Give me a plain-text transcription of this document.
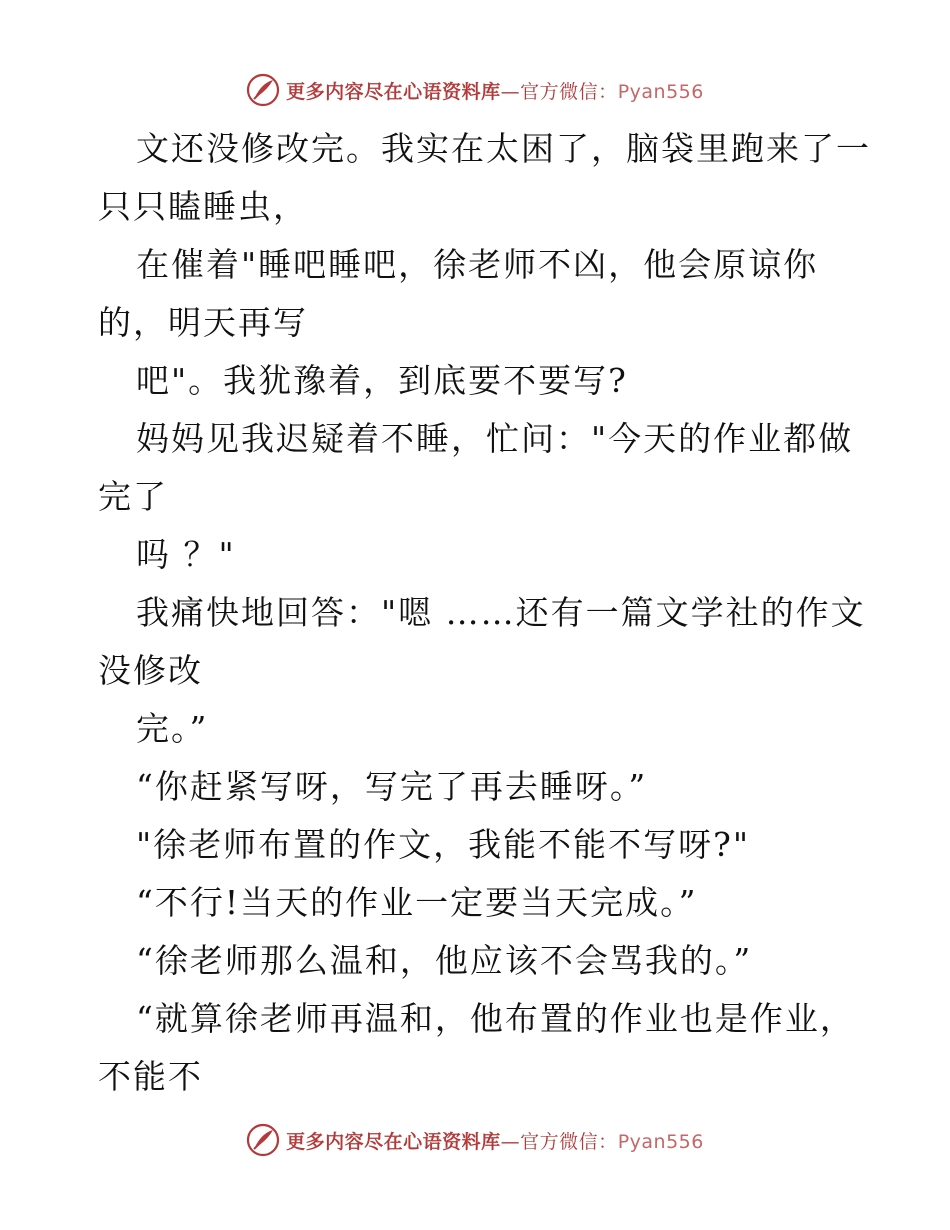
更多内容尽在心语资料库—官方微信：Pyan556
文还没修改完。我实在太困了，脑袋里跑来了一
只只瞌睡虫，
在催着"睡吧睡吧，徐老师不凶，他会原谅你
的，明天再写
吧"。我犹豫着，到底要不要写?
妈妈见我迟疑着不睡，忙问："今天的作业都做
完了
吗 ？"
我痛快地回答："嗯 ……还有一篇文学社的作文
没修改
完。”
“你赶紧写呀，写完了再去睡呀。”
"徐老师布置的作文，我能不能不写呀?"
“不行!当天的作业一定要当天完成。”
“徐老师那么温和，他应该不会骂我的。”
“就算徐老师再温和，他布置的作业也是作业，
不能不
更多内容尽在心语资料库—官方微信：Pyan556
